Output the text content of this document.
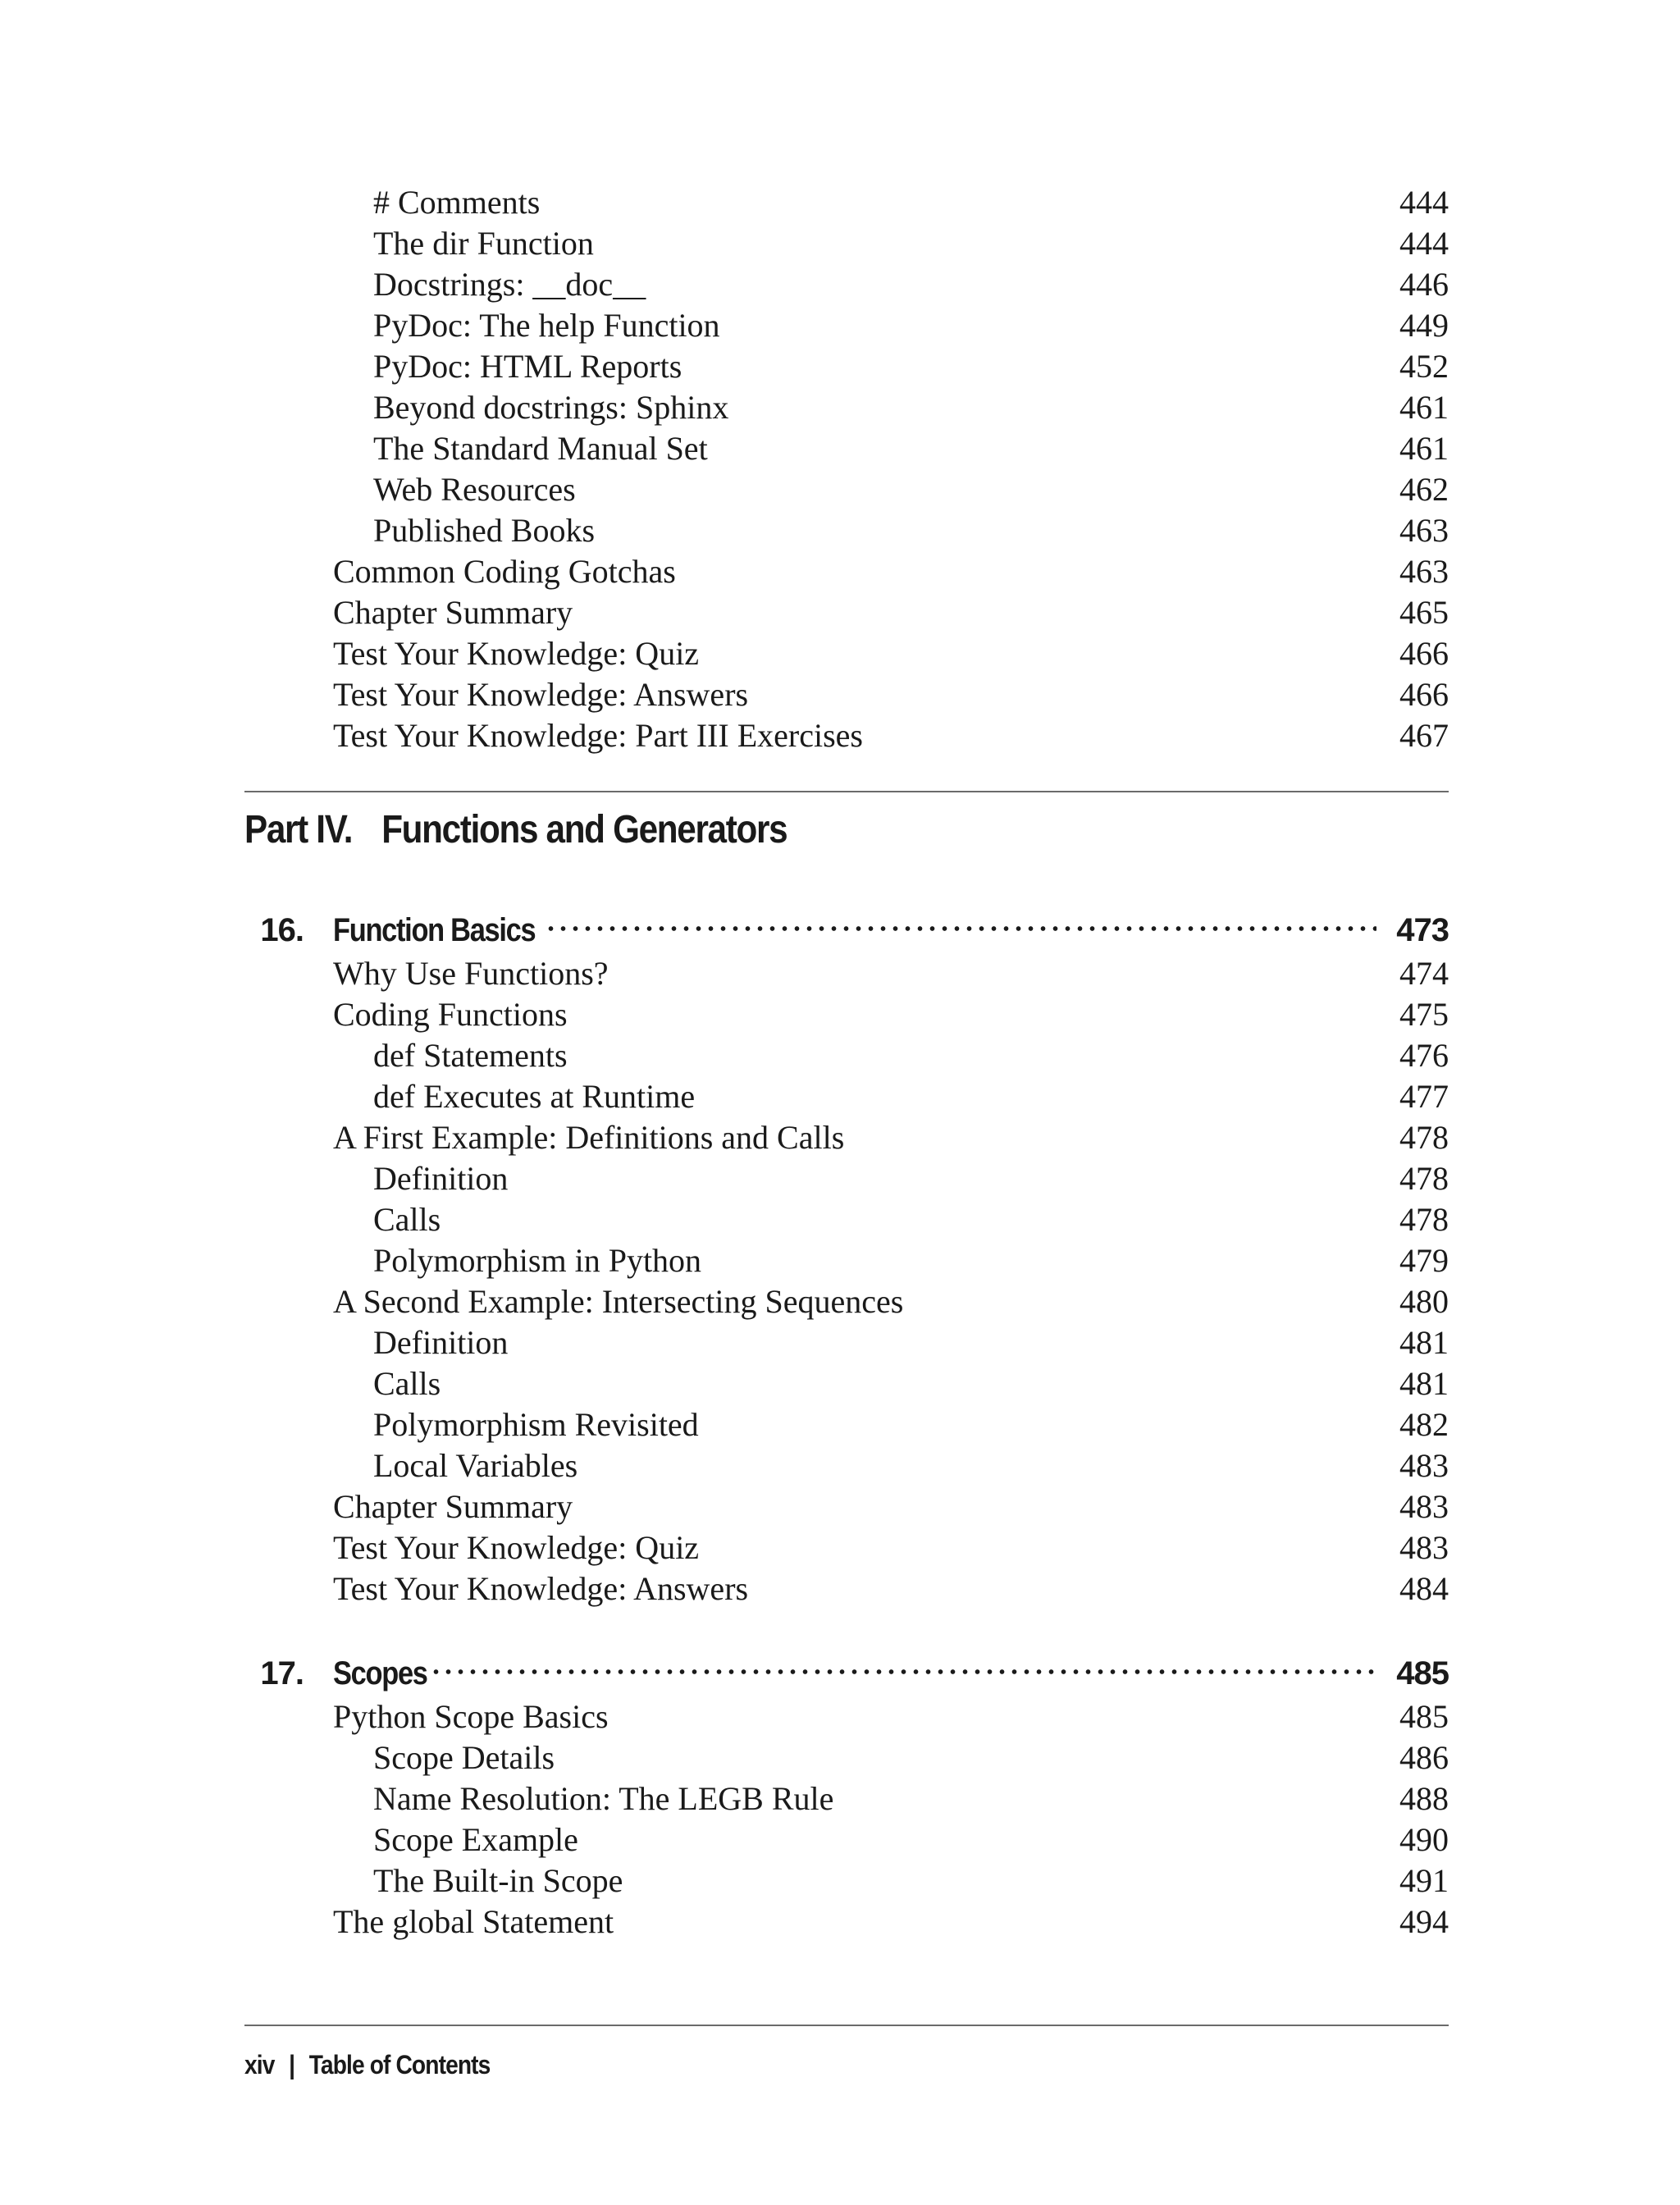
# Comments	444
The dir Function	444
Docstrings: __doc__	446
PyDoc: The help Function	449
PyDoc: HTML Reports	452
Beyond docstrings: Sphinx	461
The Standard Manual Set	461
Web Resources	462
Published Books	463
Common Coding Gotchas	463
Chapter Summary	465
Test Your Knowledge: Quiz	466
Test Your Knowledge: Answers	466
Test Your Knowledge: Part III Exercises	467
Part IV. Functions and Generators
16. Function Basics	473
Why Use Functions?	474
Coding Functions	475
def Statements	476
def Executes at Runtime	477
A First Example: Definitions and Calls	478
Definition	478
Calls	478
Polymorphism in Python	479
A Second Example: Intersecting Sequences	480
Definition	481
Calls	481
Polymorphism Revisited	482
Local Variables	483
Chapter Summary	483
Test Your Knowledge: Quiz	483
Test Your Knowledge: Answers	484
17. Scopes	485
Python Scope Basics	485
Scope Details	486
Name Resolution: The LEGB Rule	488
Scope Example	490
The Built-in Scope	491
The global Statement	494
xiv | Table of Contents
